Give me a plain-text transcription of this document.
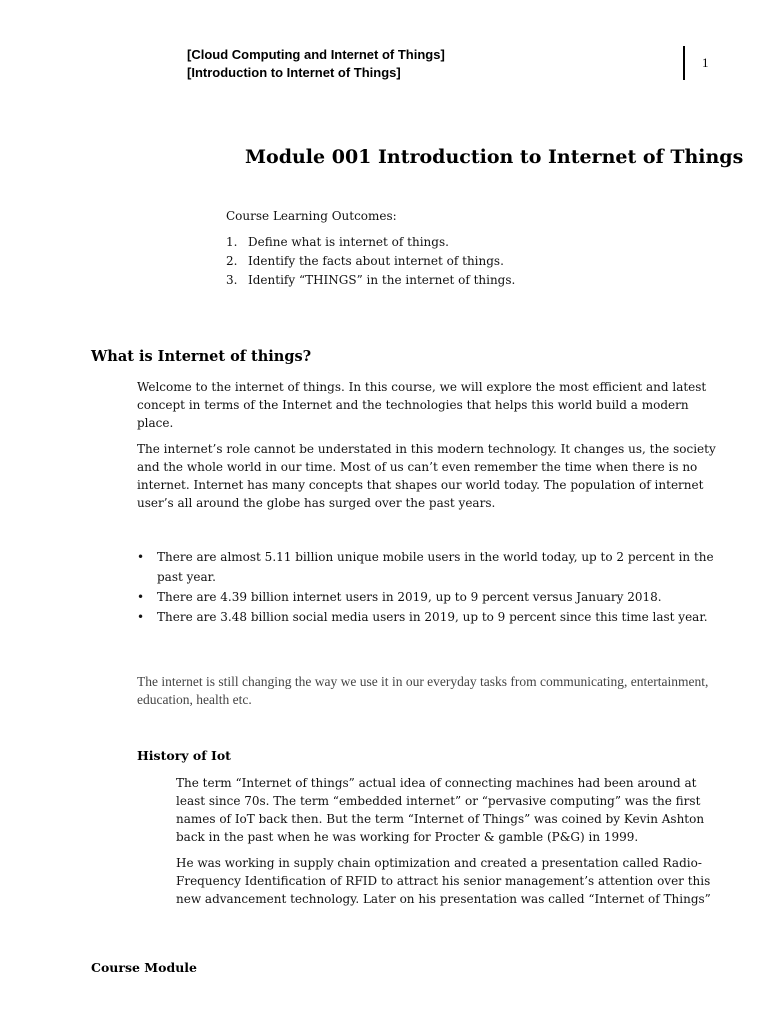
[Cloud Computing and Internet of Things]
[Introduction to Internet of Things]
1
Module 001 Introduction to Internet of Things

Course Learning Outcomes:

1. Define what is internet of things.
2. Identify the facts about internet of things.
3. Identify “THINGS” in the internet of things.
What is Internet of things?

Welcome to the internet of things. In this course, we will explore the most efficient and latest concept in terms of the Internet and the technologies that helps this world build a modern place.

The internet’s role cannot be understated in this modern technology. It changes us, the society and the whole world in our time. Most of us can’t even remember the time when there is no internet. Internet has many concepts that shapes our world today. The population of internet user’s all around the globe has surged over the past years.

• There are almost 5.11 billion unique mobile users in the world today, up to 2 percent in the past year.
• There are 4.39 billion internet users in 2019, up to 9 percent versus January 2018.
• There are 3.48 billion social media users in 2019, up to 9 percent since this time last year.
The internet is still changing the way we use it in our everyday tasks from communicating, entertainment, education, health etc.
History of Iot

The term “Internet of things” actual idea of connecting machines had been around at least since 70s. The term “embedded internet” or “pervasive computing” was the first names of IoT back then. But the term “Internet of Things” was coined by Kevin Ashton back in the past when he was working for Procter & gamble (P&G) in 1999.

He was working in supply chain optimization and created a presentation called Radio-Frequency Identification of RFID to attract his senior management’s attention over this new advancement technology. Later on his presentation was called “Internet of Things”

Course Module
